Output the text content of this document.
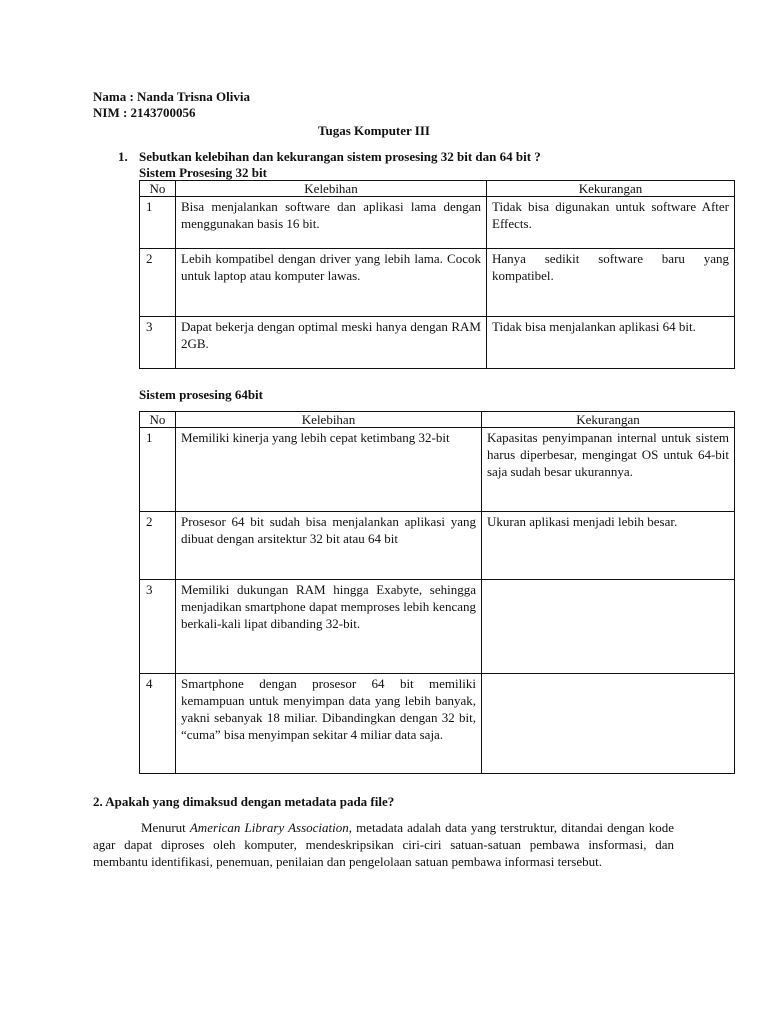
Nama : Nanda Trisna Olivia
NIM : 2143700056
Tugas Komputer III
1. Sebutkan kelebihan dan kekurangan sistem prosesing 32 bit dan 64 bit ?
Sistem Prosesing 32 bit
No	Kelebihan	Kekurangan
1	Bisa menjalankan software dan aplikasi lama dengan menggunakan basis 16 bit.	Tidak bisa digunakan untuk software After Effects.
2	Lebih kompatibel dengan driver yang lebih lama. Cocok untuk laptop atau komputer lawas.	Hanya sedikit software baru yang kompatibel.
3	Dapat bekerja dengan optimal meski hanya dengan RAM 2GB.	Tidak bisa menjalankan aplikasi 64 bit.
Sistem prosesing 64bit
No	Kelebihan	Kekurangan
1	Memiliki kinerja yang lebih cepat ketimbang 32-bit	Kapasitas penyimpanan internal untuk sistem harus diperbesar, mengingat OS untuk 64-bit saja sudah besar ukurannya.
2	Prosesor 64 bit sudah bisa menjalankan aplikasi yang dibuat dengan arsitektur 32 bit atau 64 bit	Ukuran aplikasi menjadi lebih besar.
3	Memiliki dukungan RAM hingga Exabyte, sehingga menjadikan smartphone dapat memproses lebih kencang berkali-kali lipat dibanding 32-bit.	
4	Smartphone dengan prosesor 64 bit memiliki kemampuan untuk menyimpan data yang lebih banyak, yakni sebanyak 18 miliar. Dibandingkan dengan 32 bit, “cuma” bisa menyimpan sekitar 4 miliar data saja.	
2. Apakah yang dimaksud dengan metadata pada file?
Menurut American Library Association, metadata adalah data yang terstruktur, ditandai dengan kode agar dapat diproses oleh komputer, mendeskripsikan ciri-ciri satuan-satuan pembawa insformasi, dan membantu identifikasi, penemuan, penilaian dan pengelolaan satuan pembawa informasi tersebut.
